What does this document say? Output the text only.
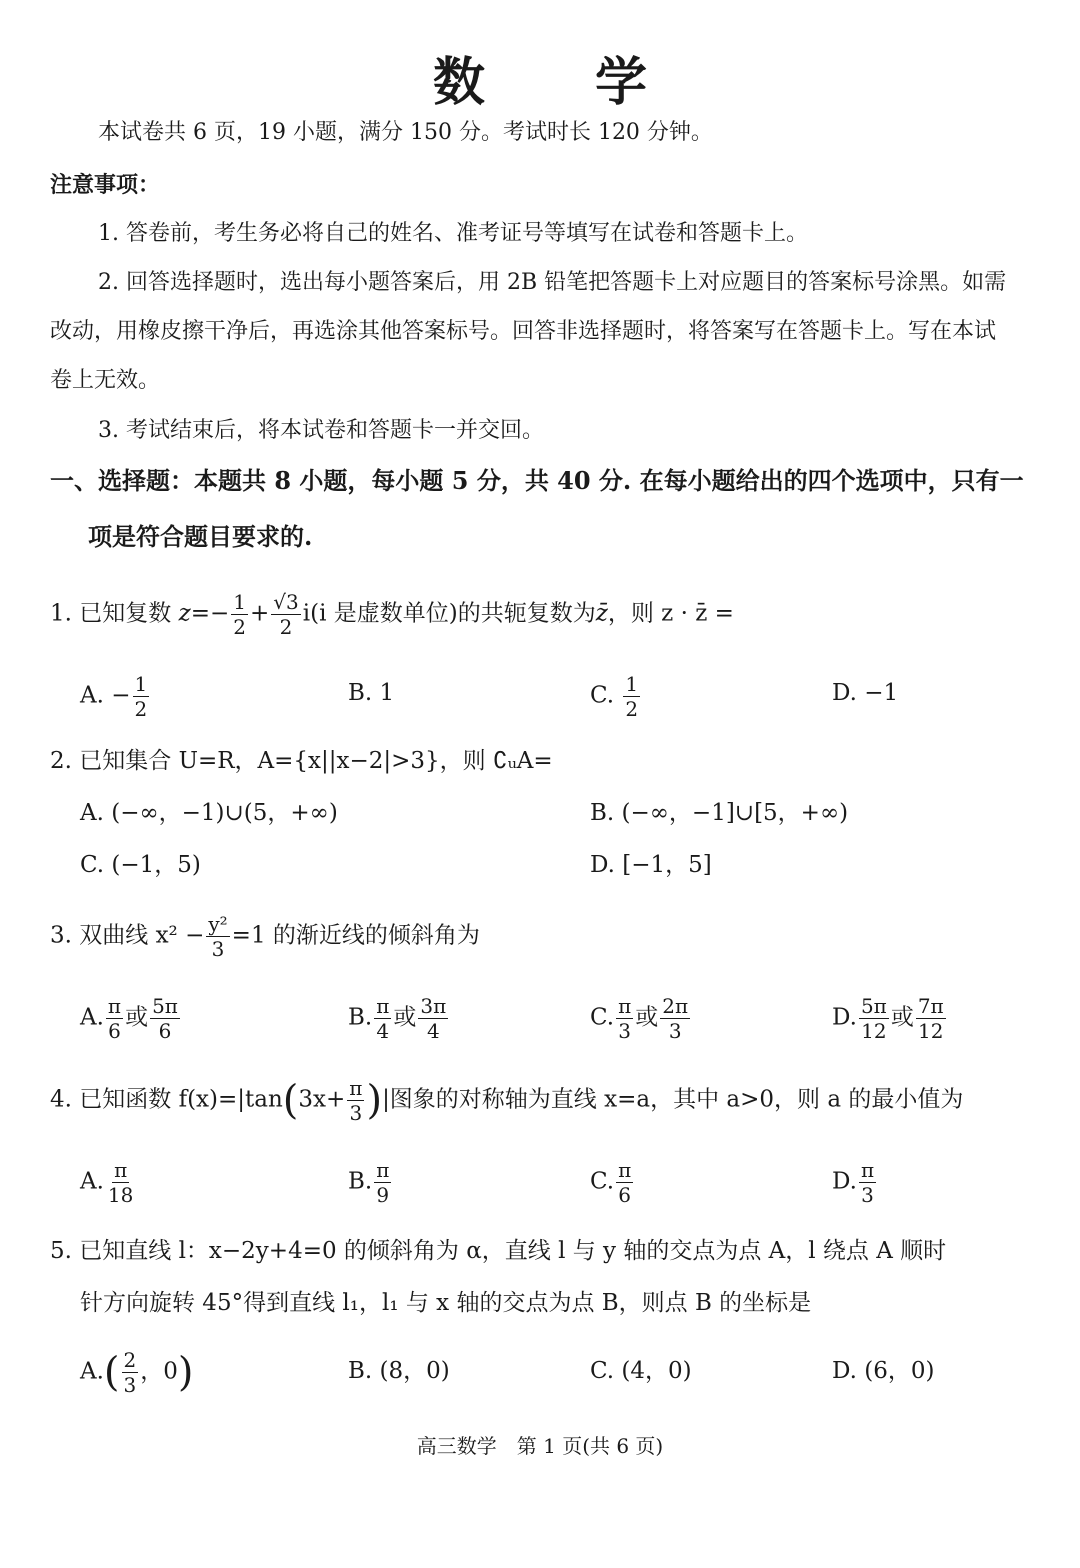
数 学
本试卷共 6 页，19 小题，满分 150 分。考试时长 120 分钟。
注意事项：
1. 答卷前，考生务必将自己的姓名、准考证号等填写在试卷和答题卡上。
2. 回答选择题时，选出每小题答案后，用 2B 铅笔把答题卡上对应题目的答案标号涂黑。如需
改动，用橡皮擦干净后，再选涂其他答案标号。回答非选择题时，将答案写在答题卡上。写在本试
卷上无效。
3. 考试结束后，将本试卷和答题卡一并交回。
一、选择题：本题共 8 小题，每小题 5 分，共 40 分. 在每小题给出的四个选项中，只有一
项是符合题目要求的.
1. 已知复数 $z=- \frac{1}{2} + \frac{√3}{2} i(i$ 是虚数单位)的共轭复数为z̄，则 z · z̄ =
A. − $\frac{1}{2}$	B. 1	C. $\frac{1}{2}$	D. −1
2. 已知集合 U=R，A={x||x−2|>3}，则 ∁ᵤA=
A. (−∞，−1)∪(5，+∞)	B. (−∞，−1]∪[5，+∞)
C. (−1，5)	D. [−1，5]
3. 双曲线 $x^2 - \frac{\text{y²}}{3} =1$ 的渐近线的倾斜角为
A. $\frac{\pi}{6}$ 或 $\frac{5\pi}{6}$	B. $\frac{\pi}{4}$ 或 $\frac{3\pi}{4}$	C. $\frac{\pi}{3}$ 或 $\frac{2\pi}{3}$	D. $\frac{5\pi}{12}$ 或 $\frac{7\pi}{12}$
4. 已知函数 $f(x)=|\tan(3x+ \frac{\pi}{3}$ )|图象的对称轴为直线 x=a，其中 a>0，则 a 的最小值为
A. $\frac{\pi}{18}$	B. $\frac{\pi}{9}$	C. $\frac{\pi}{6}$	D. $\frac{\pi}{3}$
5. 已知直线 l：x−2y+4=0 的倾斜角为 α，直线 l 与 y 轴的交点为点 A，l 绕点 A 顺时
针方向旋转 45°得到直线 l₁，l₁ 与 x 轴的交点为点 B，则点 B 的坐标是
$A.( \frac{2}{3}$ ，0)	B. (8，0)	C. (4，0)	D. (6，0)
高三数学　第 1 页(共 6 页)
